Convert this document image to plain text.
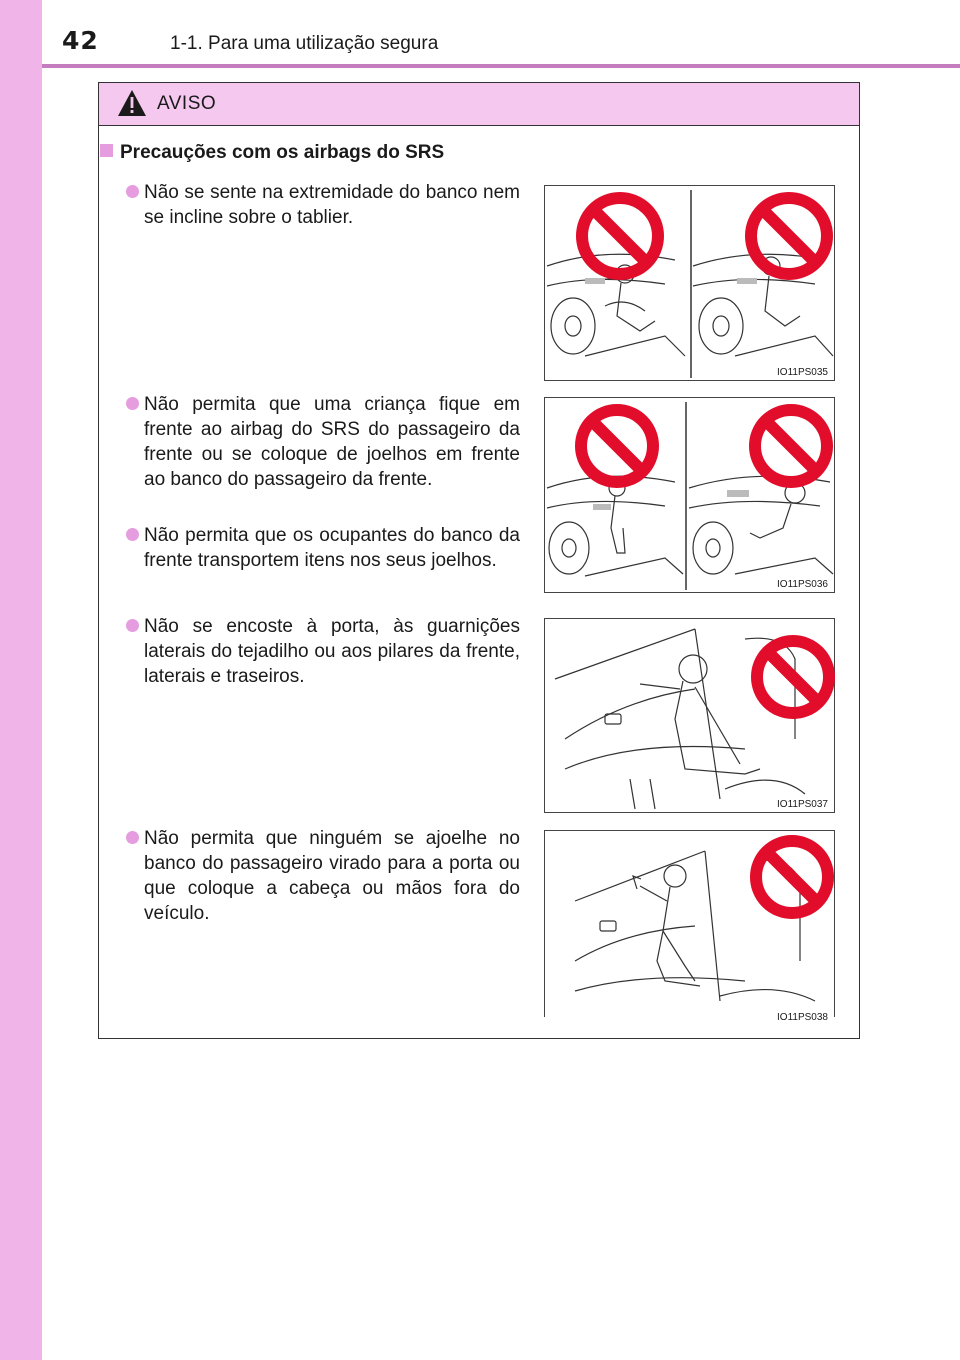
42	1-1. Para uma utilização segura
AVISO
Precauções com os airbags do SRS
Não se sente na extremidade do banco nem se incline sobre o tablier.
Não permita que uma criança fique em frente ao airbag do SRS do passageiro da frente ou se coloque de joelhos em frente ao banco do passageiro da frente.
Não permita que os ocupantes do banco da frente transportem itens nos seus joelhos.
Não se encoste à porta, às guarnições laterais do tejadilho ou aos pilares da frente, laterais e traseiros.
Não permita que ninguém se ajoelhe no banco do passageiro virado para a porta ou que coloque a cabeça ou mãos fora do veículo.
IO11PS035
IO11PS036
IO11PS037
IO11PS038
